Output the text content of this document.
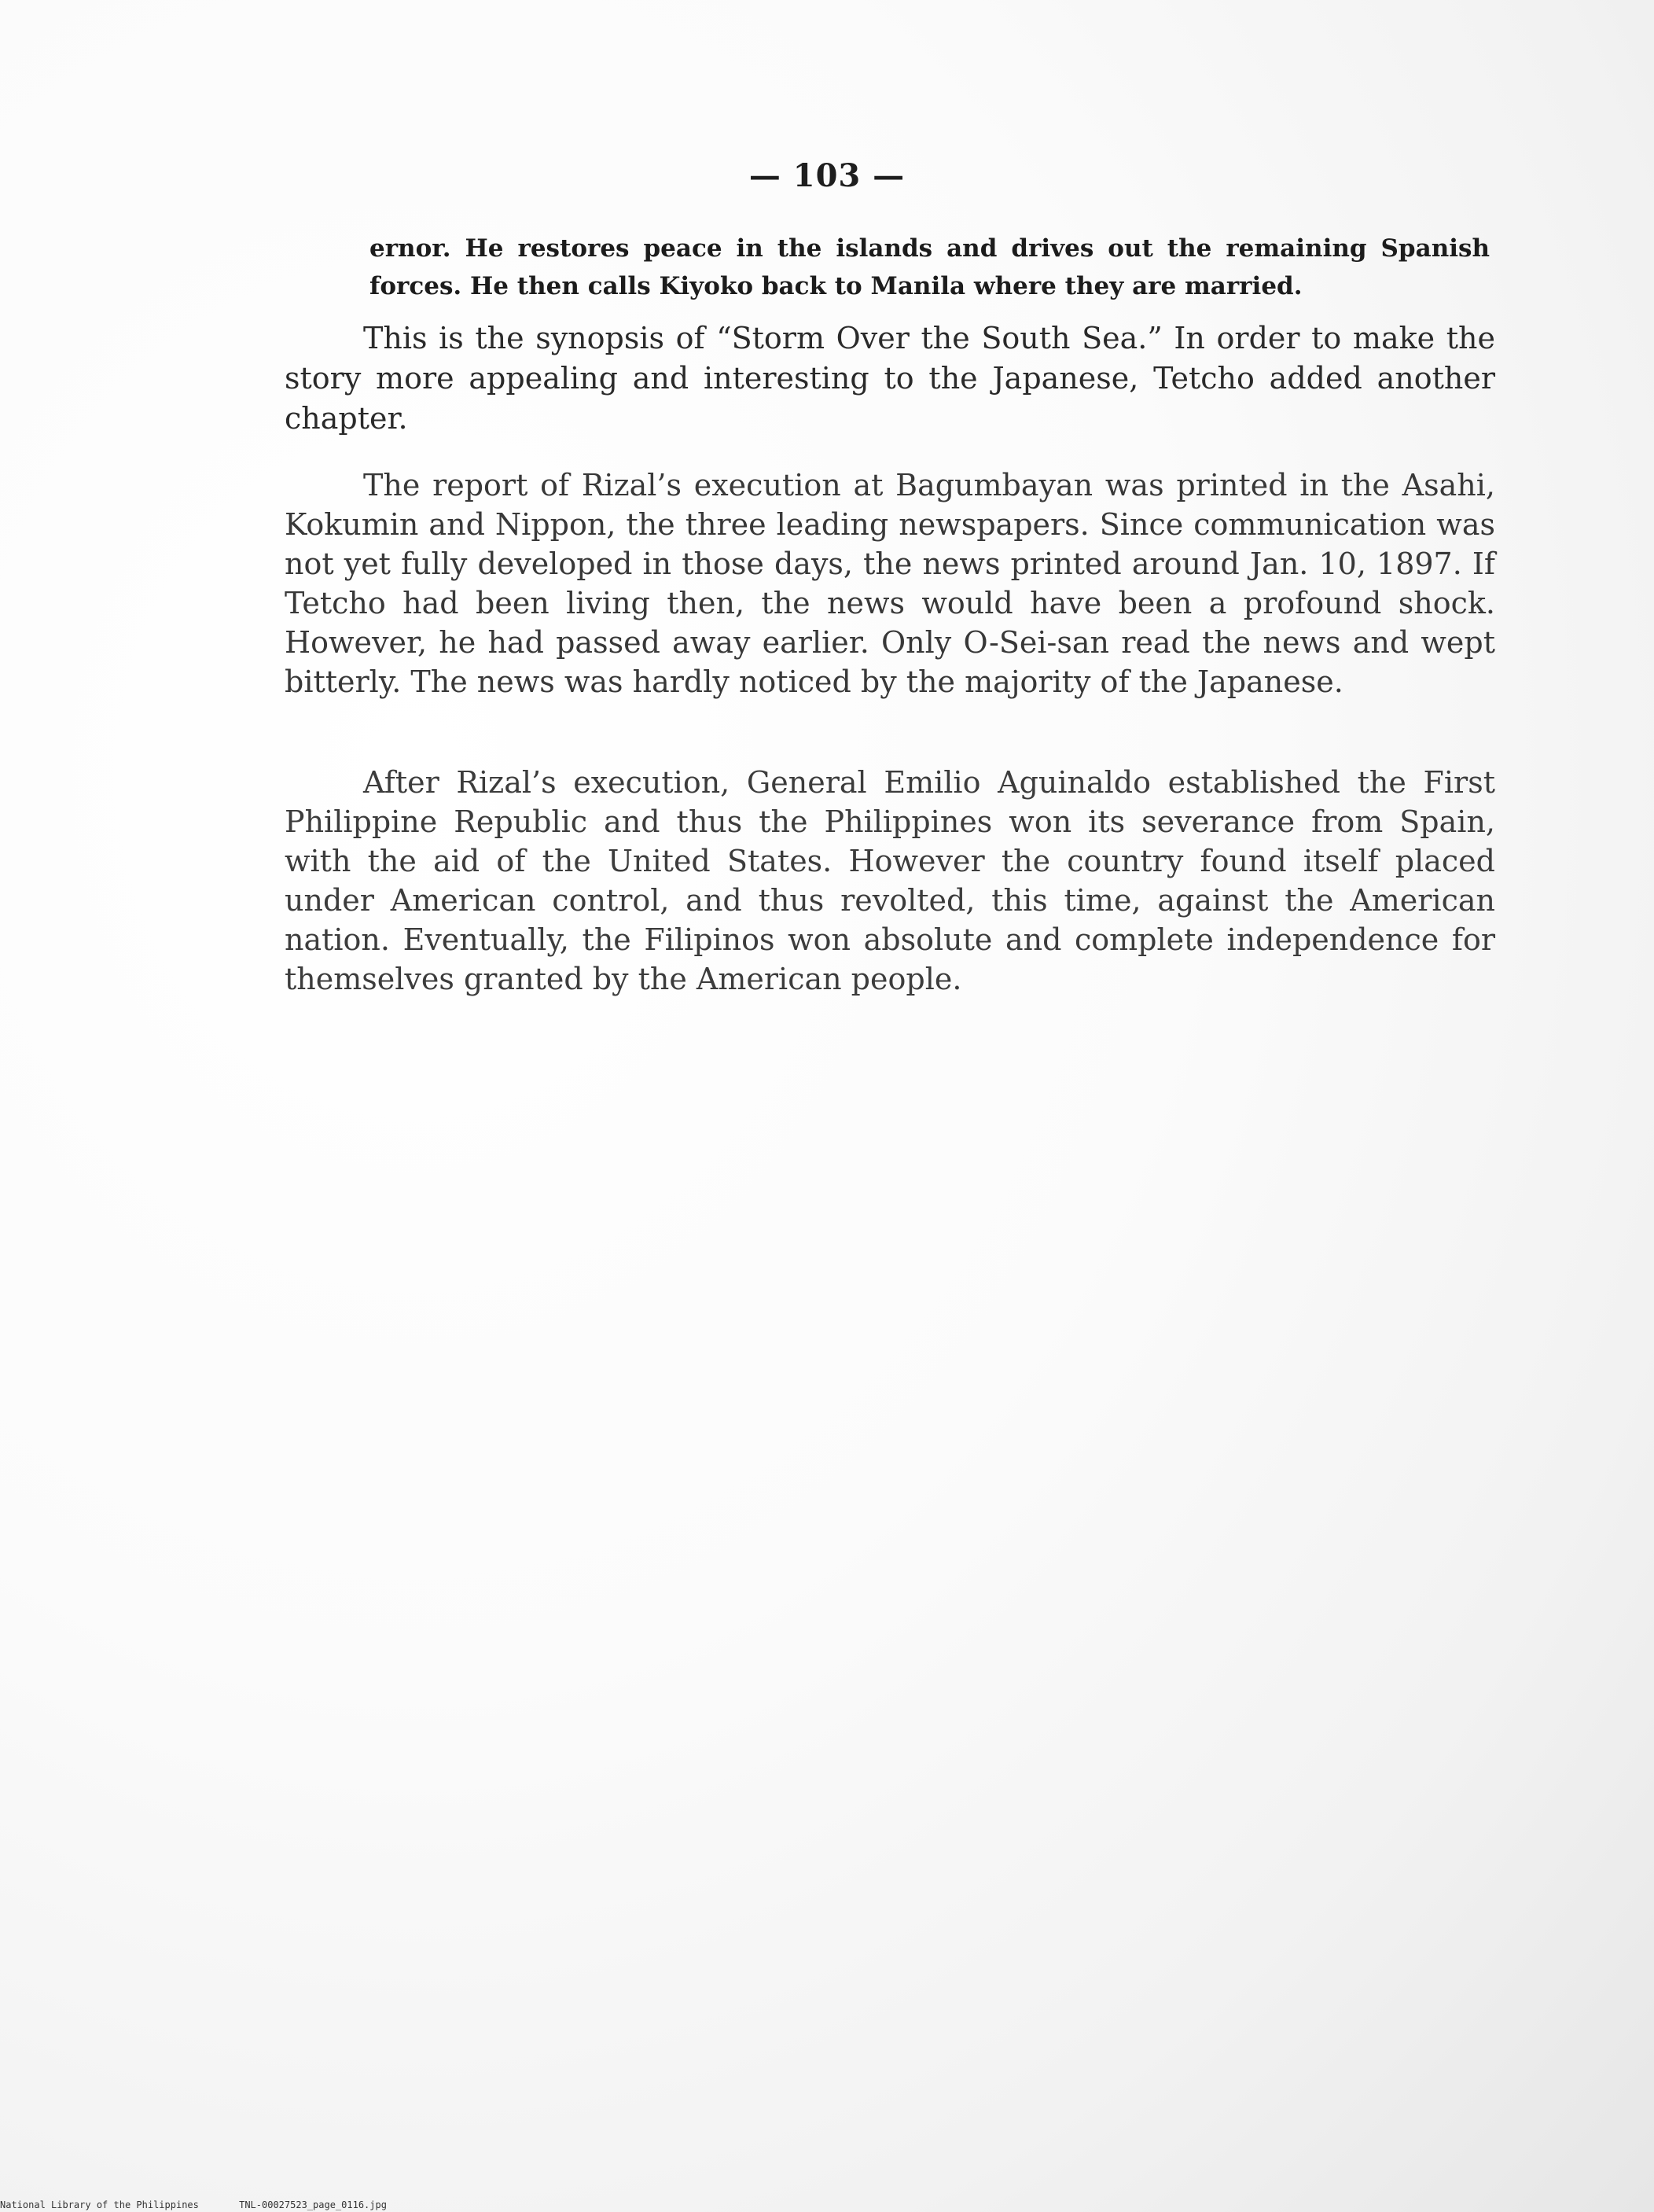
— 103 —

ernor. He restores peace in the islands and drives out the remaining Spanish forces. He then calls Kiyoko back to Manila where they are married.

This is the synopsis of “Storm Over the South Sea.” In order to make the story more appealing and interesting to the Japanese, Tetcho added another chapter.

The report of Rizal’s execution at Bagumbayan was printed in the Asahi, Kokumin and Nippon, the three leading newspapers. Since communication was not yet fully developed in those days, the news printed around Jan. 10, 1897. If Tetcho had been living then, the news would have been a profound shock. However, he had passed away earlier. Only O-Sei-san read the news and wept bitterly. The news was hardly noticed by the majority of the Japanese.

After Rizal’s execution, General Emilio Aguinaldo established the First Philippine Republic and thus the Philippines won its severance from Spain, with the aid of the United States. However the country found itself placed under American control, and thus revolted, this time, against the American nation. Eventually, the Filipinos won absolute and complete independence for themselves granted by the American people.

National Library of the Philippines	TNL-00027523_page_0116.jpg
